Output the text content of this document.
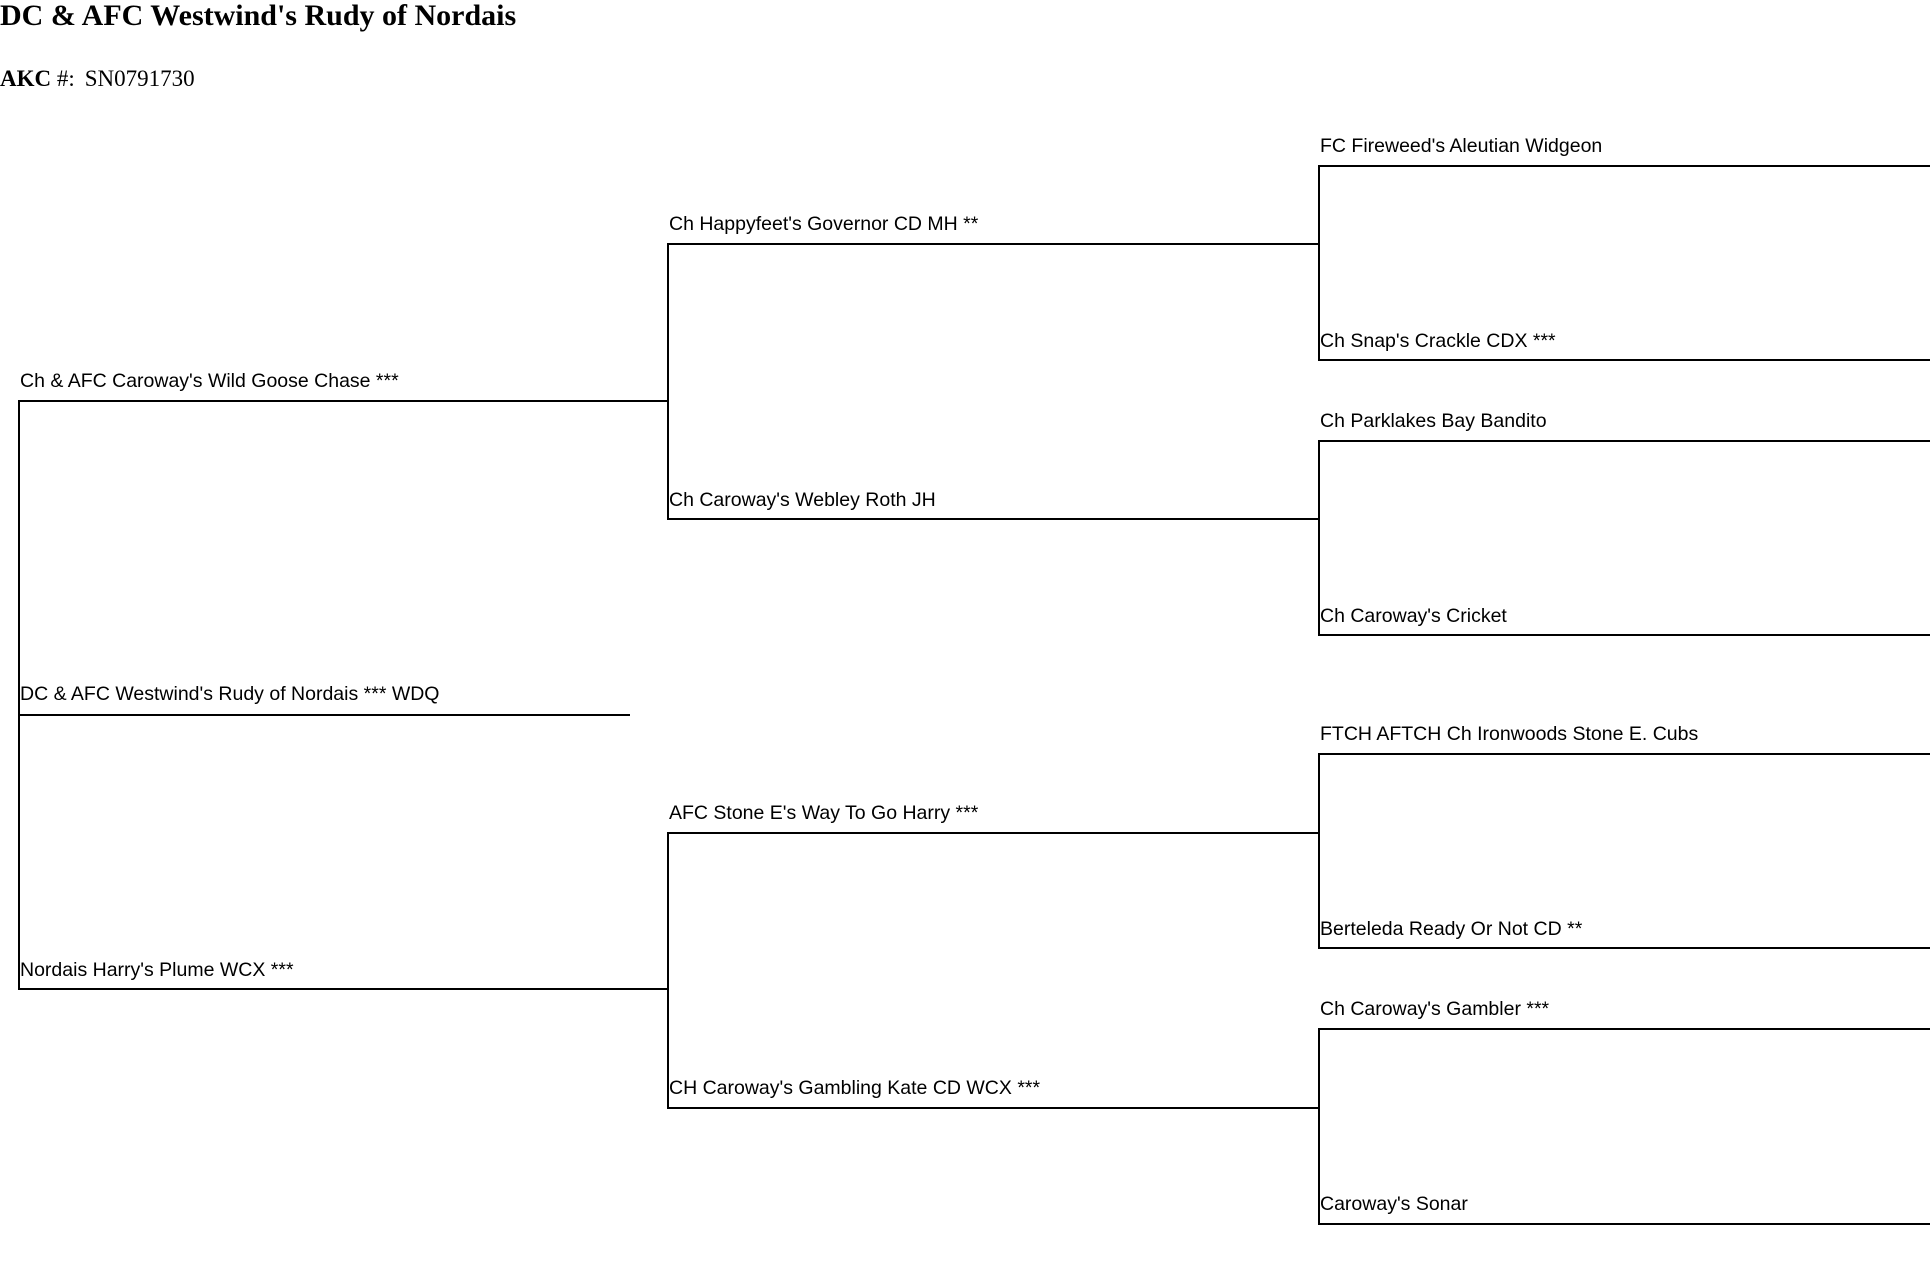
DC & AFC Westwind's Rudy of Nordais
AKC #: SN0791730
DC & AFC Westwind's Rudy of Nordais *** WDQ
Ch & AFC Caroway's Wild Goose Chase ***
Nordais Harry's Plume WCX ***
Ch Happyfeet's Governor CD MH **
Ch Caroway's Webley Roth JH
AFC Stone E's Way To Go Harry ***
CH Caroway's Gambling Kate CD WCX ***
FC Fireweed's Aleutian Widgeon
Ch Snap's Crackle CDX ***
Ch Parklakes Bay Bandito
Ch Caroway's Cricket
FTCH AFTCH Ch Ironwoods Stone E. Cubs
Berteleda Ready Or Not CD **
Ch Caroway's Gambler ***
Caroway's Sonar
